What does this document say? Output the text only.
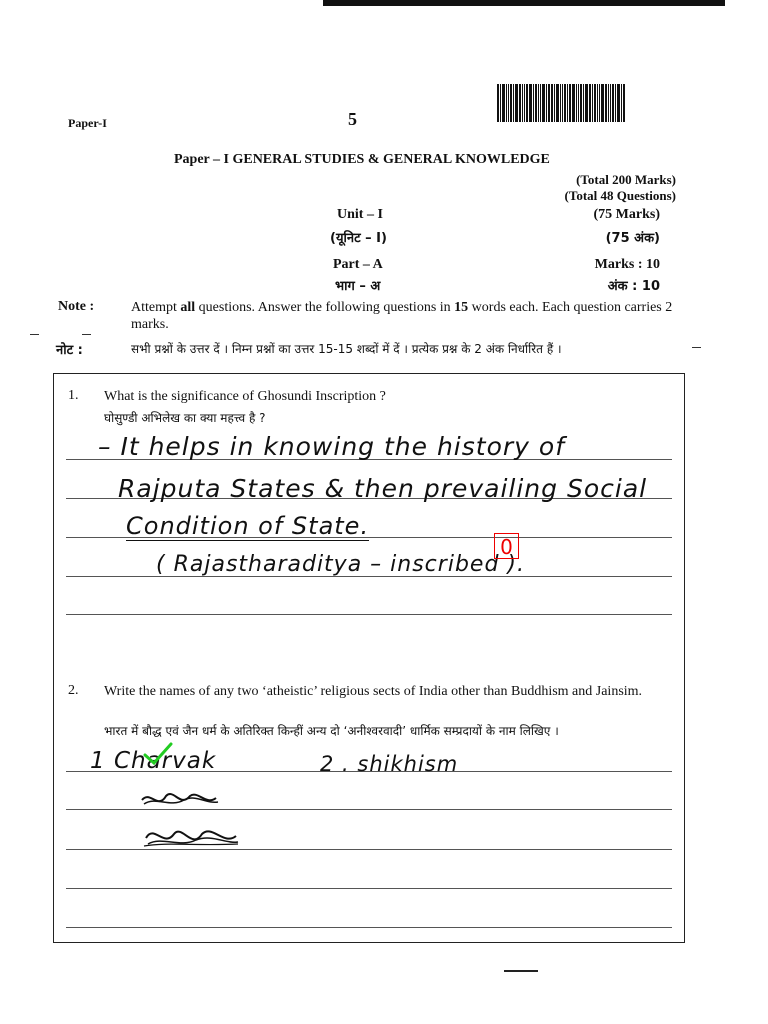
Paper-I	5
Paper – I GENERAL STUDIES & GENERAL KNOWLEDGE
(Total 200 Marks)
(Total 48 Questions)
Unit – I	(75 Marks)
(यूनिट – I)	(75 अंक)
Part – A	Marks : 10
भाग – अ	अंक : 10
Note :	Attempt all questions. Answer the following questions in 15 words each. Each question carries 2 marks.
नोट :	सभी प्रश्नों के उत्तर दें । निम्न प्रश्नों का उत्तर 15-15 शब्दों में दें । प्रत्येक प्रश्न के 2 अंक निर्धारित हैं ।
1. What is the significance of Ghosundi Inscription ?
घोसुण्डी अभिलेख का क्या महत्त्व है ?
– It helps in knowing the history of
Rajputa States & then prevailing Social
Condition of State.
( Rajastharaditya – inscribed ).
0
2. Write the names of any two ‘atheistic’ religious sects of India other than Buddhism and Jainsim.
भारत में बौद्ध एवं जैन धर्म के अतिरिक्त किन्हीं अन्य दो ‘अनीश्वरवादी’ धार्मिक सम्प्रदायों के नाम लिखिए ।
1 Charvak	2 . shikhism
